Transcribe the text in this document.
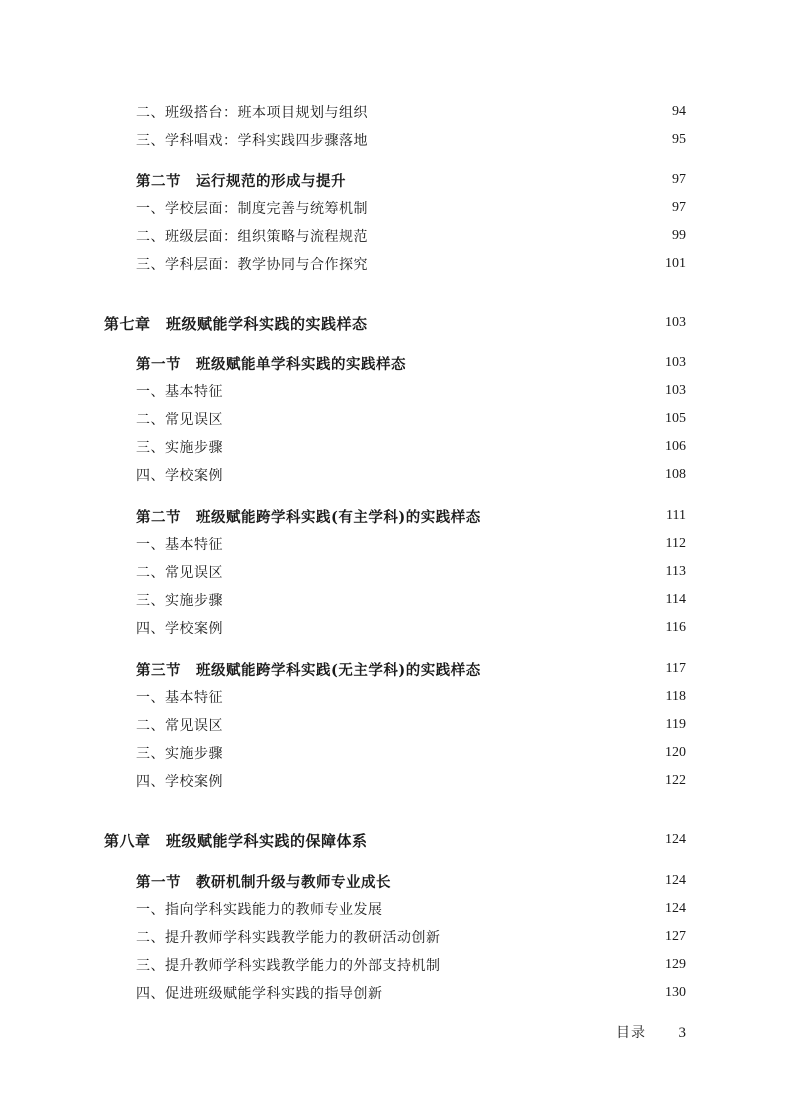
二、班级搭台：班本项目规划与组织	94
三、学科唱戏：学科实践四步骤落地	95
第二节　运行规范的形成与提升	97
一、学校层面：制度完善与统筹机制	97
二、班级层面：组织策略与流程规范	99
三、学科层面：教学协同与合作探究	101
第七章　班级赋能学科实践的实践样态	103
第一节　班级赋能单学科实践的实践样态	103
一、基本特征	103
二、常见误区	105
三、实施步骤	106
四、学校案例	108
第二节　班级赋能跨学科实践(有主学科)的实践样态	111
一、基本特征	112
二、常见误区	113
三、实施步骤	114
四、学校案例	116
第三节　班级赋能跨学科实践(无主学科)的实践样态	117
一、基本特征	118
二、常见误区	119
三、实施步骤	120
四、学校案例	122
第八章　班级赋能学科实践的保障体系	124
第一节　教研机制升级与教师专业成长	124
一、指向学科实践能力的教师专业发展	124
二、提升教师学科实践教学能力的教研活动创新	127
三、提升教师学科实践教学能力的外部支持机制	129
四、促进班级赋能学科实践的指导创新	130
目录 3
